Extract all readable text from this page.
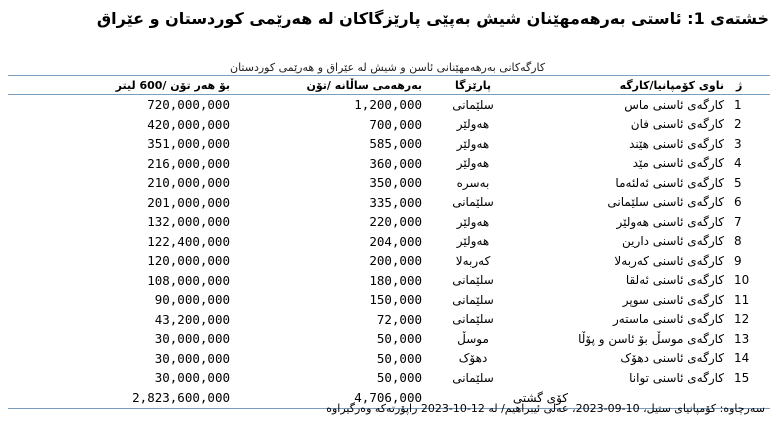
خشتەی 1: ئاستی بەرھەمھێنان شیش بەپێی پارێزگاکان لە ھەرێمی کوردستان و عێراق
کارگەکانی بەرھەمھێنانی ئاسن و شیش لە عێراق و ھەرێمی کوردستان
بۆ ھەر تۆن /600 لیتر	بەرھەمی ساڵانە /تۆن	پارێزگا	ناوی کۆمپانیا/کارگە	ژ
720,000,000	1,200,000	سلێمانی	کارگەی ئاسنی ماس	1
420,000,000	700,000	ھەولێر	کارگەی ئاسنی فان	2
351,000,000	585,000	ھەولێر	کارگەی ئاسنی ھێند	3
216,000,000	360,000	ھەولێر	کارگەی ئاسنی مێد	4
210,000,000	350,000	بەسرە	کارگەی ئاسنی ئەلئەما	5
201,000,000	335,000	سلێمانی	کارگەی ئاسنی سلێمانی	6
132,000,000	220,000	ھەولێر	کارگەی ئاسنی ھەولێر	7
122,400,000	204,000	ھەولێر	کارگەی ئاسنی دارین	8
120,000,000	200,000	کەربەلا	کارگەی ئاسنی کەربەلا	9
108,000,000	180,000	سلێمانی	کارگەی ئاسنی ئەلقا	10
90,000,000	150,000	سلێمانی	کارگەی ئاسنی سوپر	11
43,200,000	72,000	سلێمانی	کارگەی ئاسنی ماستەر	12
30,000,000	50,000	موسڵ	کارگەی موسڵ بۆ ئاسن و پۆڵا	13
30,000,000	50,000	دھۆک	کارگەی ئاسنی دھۆک	14
30,000,000	50,000	سلێمانی	کارگەی ئاسنی توانا	15
2,823,600,000	4,706,000	کۆی گشتی		
سەرچاوە: کۆمپانیای ستیل، 10-09-2023، عەلی ئیبراھیم/ لە 12-10-2023 راپۆرتەکە وەرگیراوە
